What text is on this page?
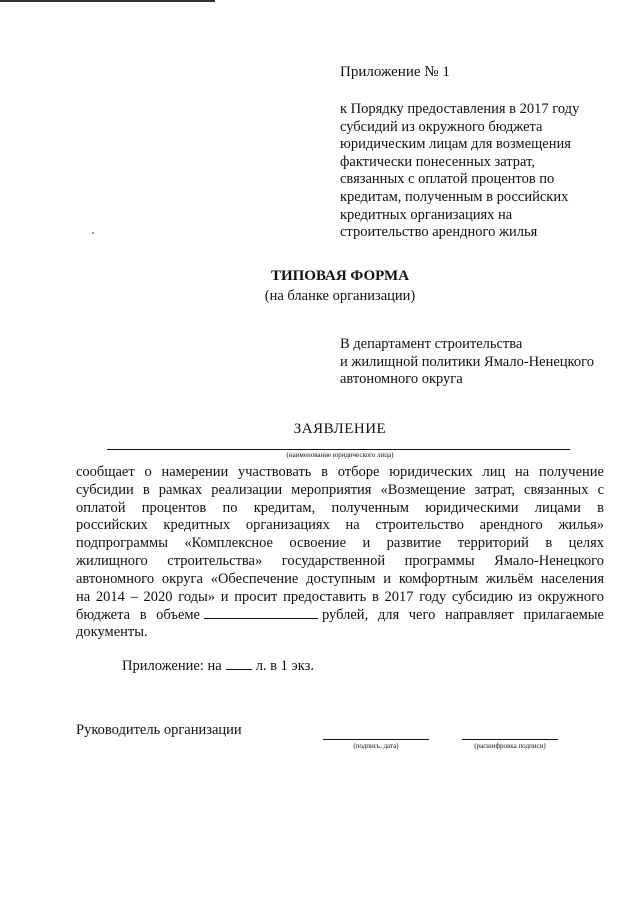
Приложение № 1
к Порядку предоставления в 2017 году
субсидий из окружного бюджета
юридическим лицам для возмещения
фактически понесенных затрат,
связанных с оплатой процентов по
кредитам, полученным в российских
кредитных организациях на
строительство арендного жилья
ТИПОВАЯ ФОРМА
(на бланке организации)
В департамент строительства
и жилищной политики Ямало-Ненецкого
автономного округа
ЗАЯВЛЕНИЕ
(наименование юридического лица)
сообщает о намерении участвовать в отборе юридических лиц на получение
субсидии в рамках реализации мероприятия «Возмещение затрат, связанных с
оплатой процентов по кредитам, полученным юридическими лицами в
российских кредитных организациях на строительство арендного жилья»
подпрограммы «Комплексное освоение и развитие территорий в целях
жилищного строительства» государственной программы Ямало-Ненецкого
автономного округа «Обеспечение доступным и комфортным жильём населения
на 2014 – 2020 годы» и просит предоставить в 2017 году субсидию из окружного
бюджета в объеме	рублей, для чего направляет прилагаемые
документы.
Приложение: на л. в 1 экз.
Руководитель организации
(подпись, дата)	(расшифровка подписи)
